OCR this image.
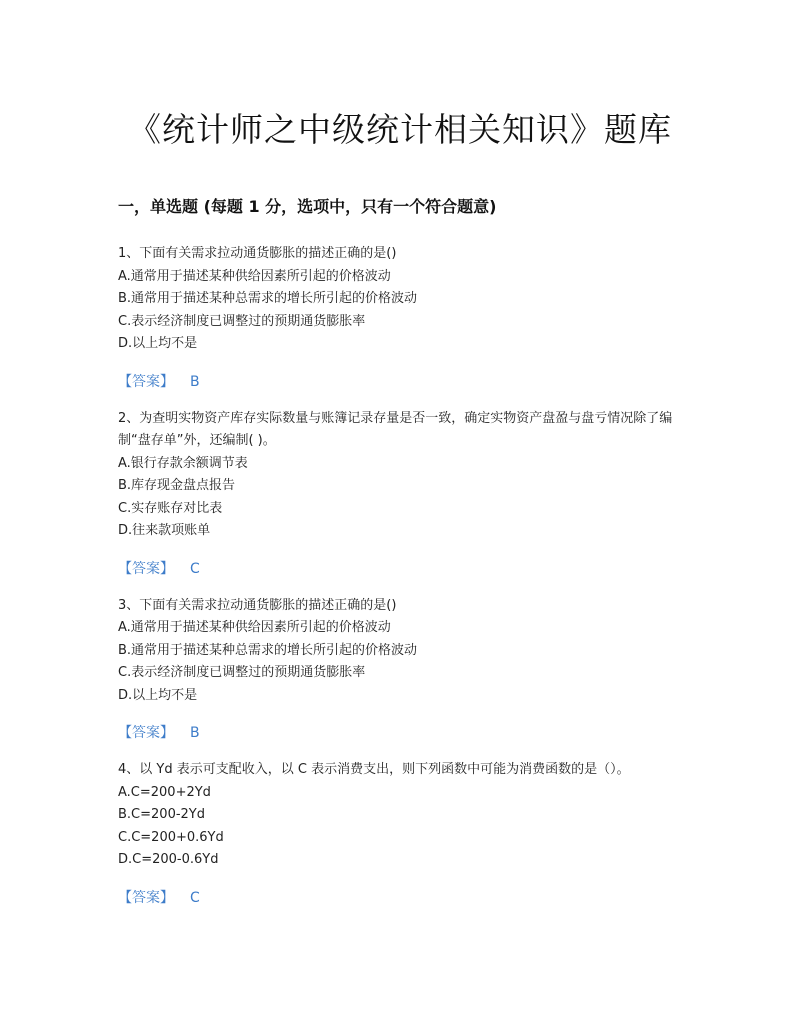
《统计师之中级统计相关知识》题库
一，单选题 (每题 1 分，选项中，只有一个符合题意)

1、下面有关需求拉动通货膨胀的描述正确的是()

A.通常用于描述某种供给因素所引起的价格波动

B.通常用于描述某种总需求的增长所引起的价格波动

C.表示经济制度已调整过的预期通货膨胀率

D.以上均不是

【答案】 B

2、为查明实物资产库存实际数量与账簿记录存量是否一致，确定实物资产盘盈与盘亏情况除了编制“盘存单”外，还编制( )。

A.银行存款余额调节表

B.库存现金盘点报告

C.实存账存对比表

D.往来款项账单

【答案】 C

3、下面有关需求拉动通货膨胀的描述正确的是()

A.通常用于描述某种供给因素所引起的价格波动

B.通常用于描述某种总需求的增长所引起的价格波动

C.表示经济制度已调整过的预期通货膨胀率

D.以上均不是

【答案】 B

4、以 Yd 表示可支配收入，以 C 表示消费支出，则下列函数中可能为消费函数的是（）。

A.C=200+2Yd

B.C=200-2Yd

C.C=200+0.6Yd

D.C=200-0.6Yd

【答案】 C
